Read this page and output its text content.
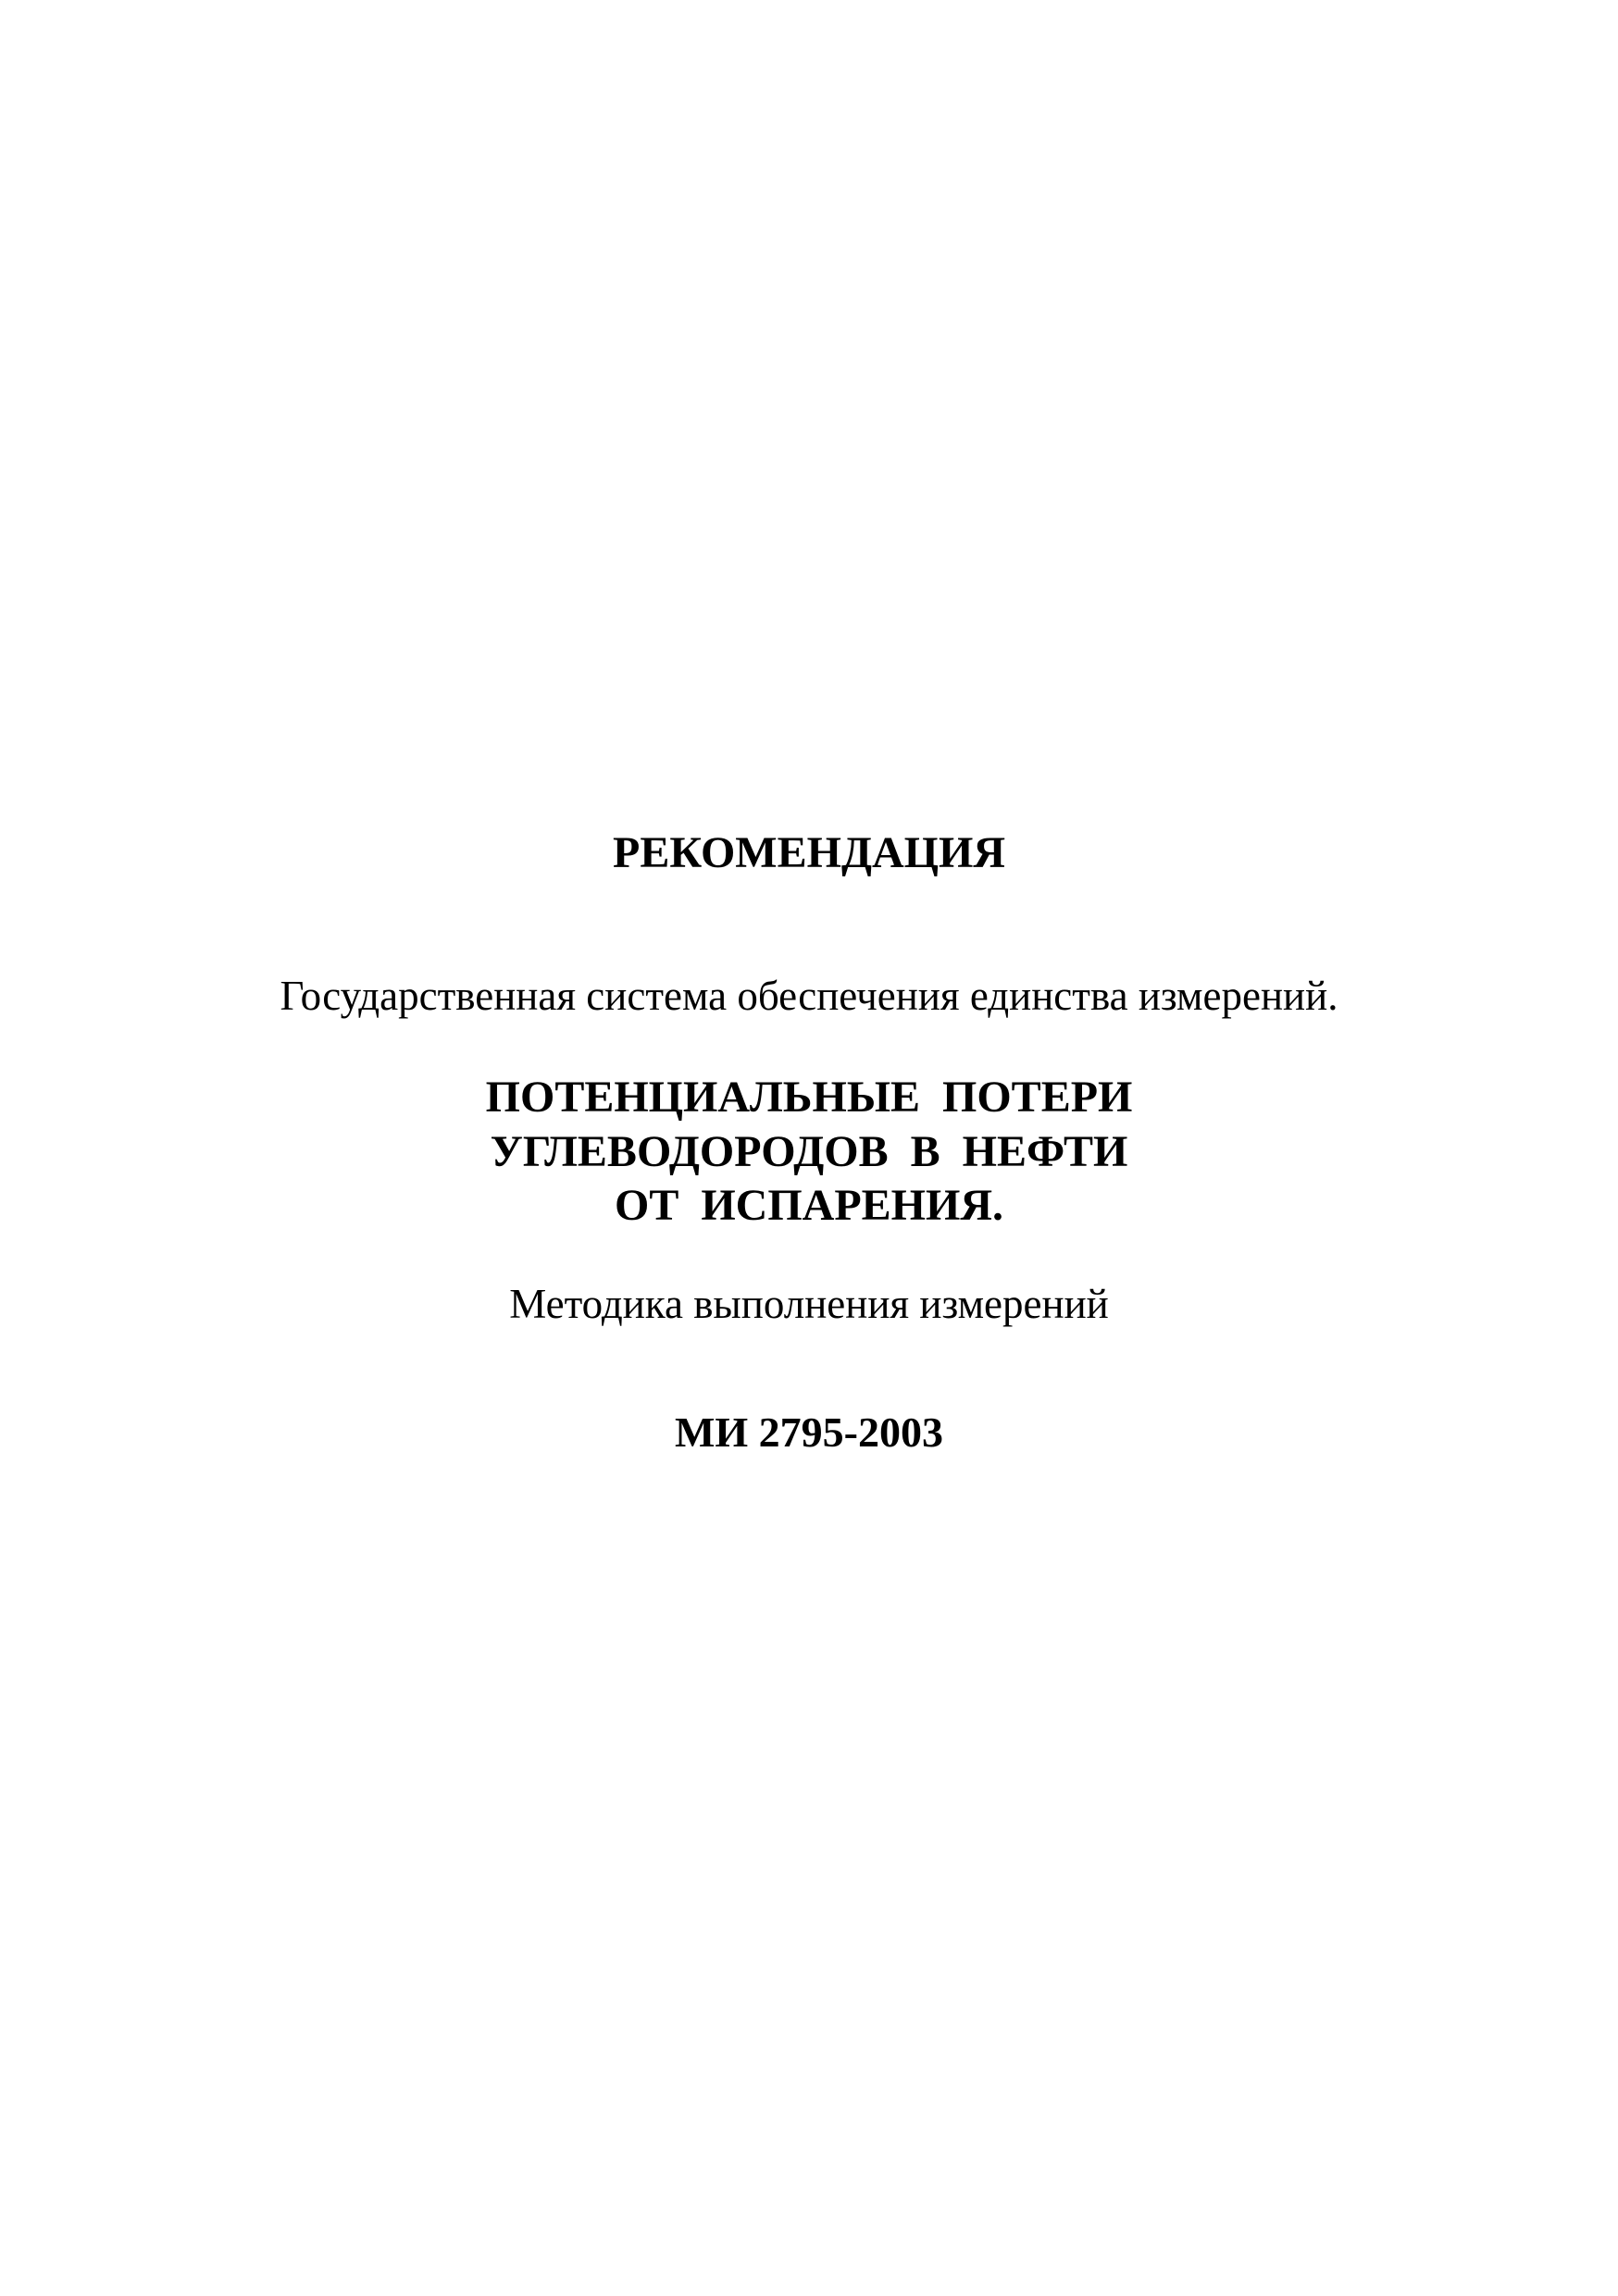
РЕКОМЕНДАЦИЯ
Государственная система обеспечения единства измерений.
ПОТЕНЦИАЛЬНЫЕ  ПОТЕРИ
УГЛЕВОДОРОДОВ  В  НЕФТИ
ОТ  ИСПАРЕНИЯ.
Методика выполнения измерений
МИ 2795-2003
